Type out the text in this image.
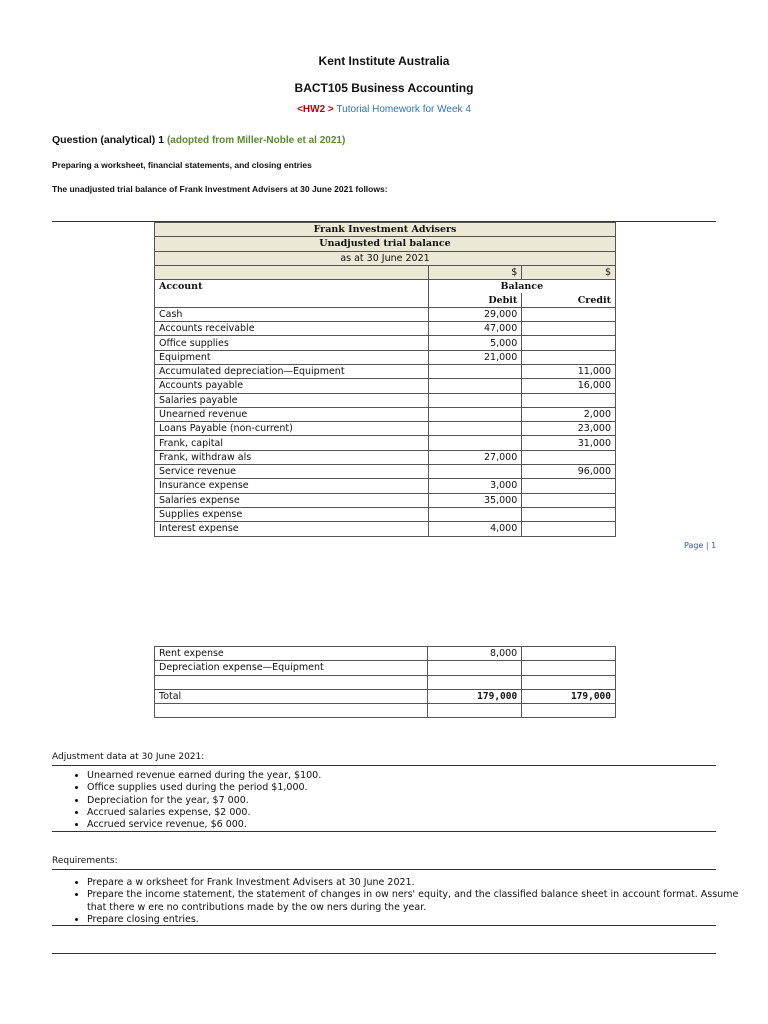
Kent Institute Australia
BACT105 Business Accounting
<HW2 > Tutorial Homework for Week 4
Question (analytical) 1 (adopted from Miller-Noble et al 2021)
Preparing a worksheet, financial statements, and closing entries
The unadjusted trial balance of Frank Investment Advisers at 30 June 2021 follows:
Frank Investment Advisers		
Unadjusted trial balance		
as at 30 June 2021		
	$	$
Account	Balance	
	Debit	Credit
Cash	29,000	
Accounts receivable	47,000	
Office supplies	5,000	
Equipment	21,000	
Accumulated depreciation—Equipment		11,000
Accounts payable		16,000
Salaries payable		
Unearned revenue		2,000
Loans Payable (non-current)		23,000
Frank, capital		31,000
Frank, withdraw als	27,000	
Service revenue		96,000
Insurance expense	3,000	
Salaries expense	35,000	
Supplies expense		
Interest expense	4,000	
Page | 1
Rent expense	8,000	
Depreciation expense—Equipment		

Total	179,000	179,000

Adjustment data at 30 June 2021:
• Unearned revenue earned during the year, $100.
• Office supplies used during the period $1,000.
• Depreciation for the year, $7 000.
• Accrued salaries expense, $2 000.
• Accrued service revenue, $6 000.
Requirements:
• Prepare a w orksheet for Frank Investment Advisers at 30 June 2021.
• Prepare the income statement, the statement of changes in ow ners' equity, and the classified balance sheet in account format. Assume that there w ere no contributions made by the ow ners during the year.
• Prepare closing entries.
